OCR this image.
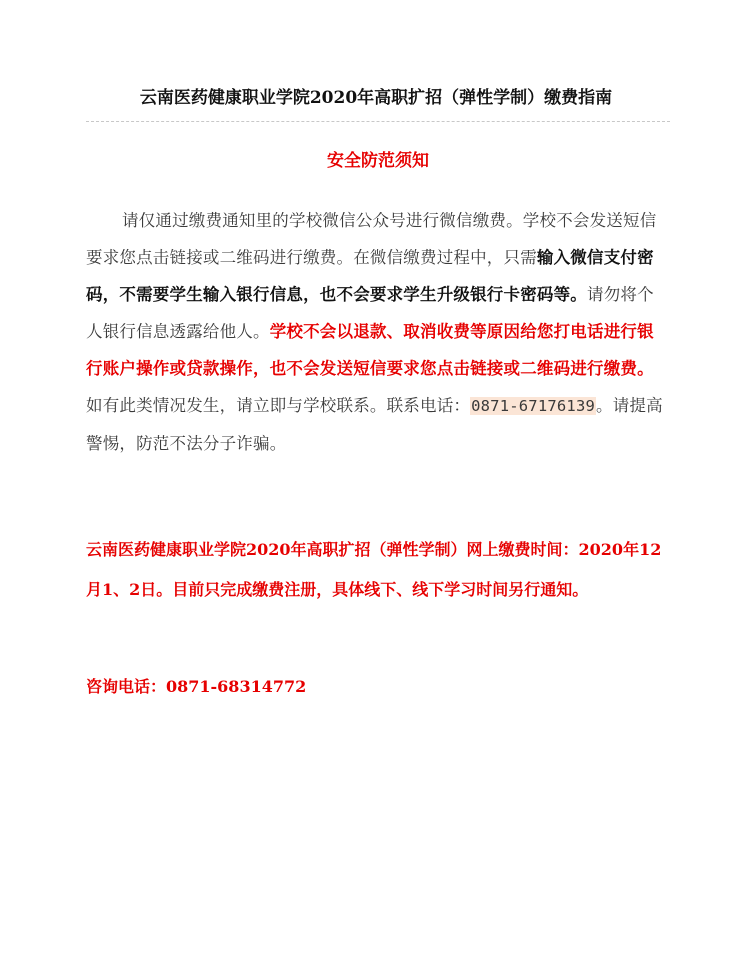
云南医药健康职业学院2020年高职扩招（弹性学制）缴费指南
安全防范须知
请仅通过缴费通知里的学校微信公众号进行微信缴费。学校不会发送短信要求您点击链接或二维码进行缴费。在微信缴费过程中，只需输入微信支付密码，不需要学生输入银行信息，也不会要求学生升级银行卡密码等。请勿将个人银行信息透露给他人。学校不会以退款、取消收费等原因给您打电话进行银行账户操作或贷款操作，也不会发送短信要求您点击链接或二维码进行缴费。如有此类情况发生，请立即与学校联系。联系电话：0871-67176139。请提高警惕，防范不法分子诈骗。
云南医药健康职业学院2020年高职扩招（弹性学制）网上缴费时间：2020年12月1、2日。目前只完成缴费注册，具体线下、线下学习时间另行通知。
咨询电话：0871-68314772
